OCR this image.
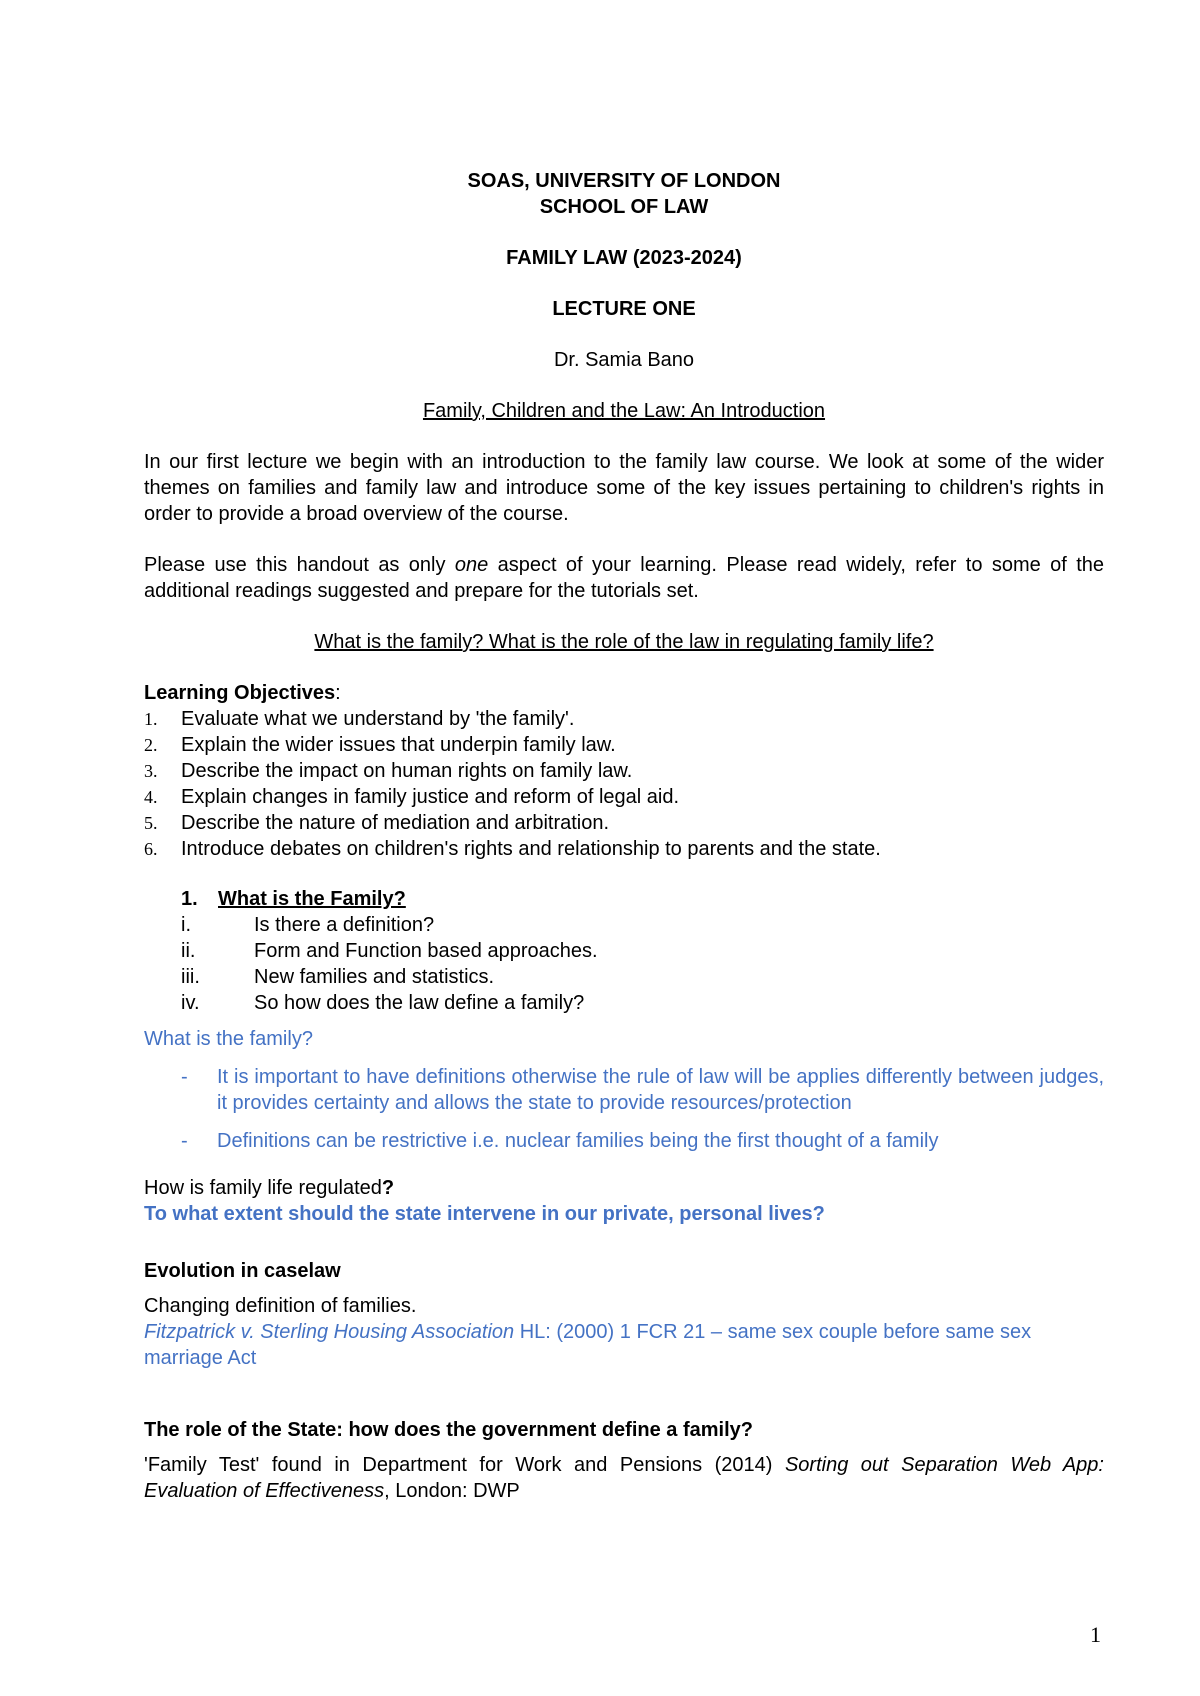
SOAS, UNIVERSITY OF LONDON

SCHOOL OF LAW

FAMILY LAW (2023-2024)

LECTURE ONE

Dr. Samia Bano

Family, Children and the Law: An Introduction

In our first lecture we begin with an introduction to the family law course. We look at some of the wider themes on families and family law and introduce some of the key issues pertaining to children's rights in order to provide a broad overview of the course.

Please use this handout as only one aspect of your learning. Please read widely, refer to some of the additional readings suggested and prepare for the tutorials set.

What is the family? What is the role of the law in regulating family life?

Learning Objectives:

1.	Evaluate what we understand by 'the family'.
2.	Explain the wider issues that underpin family law.
3.	Describe the impact on human rights on family law.
4.	Explain changes in family justice and reform of legal aid.
5.	Describe the nature of mediation and arbitration.
6.	Introduce debates on children's rights and relationship to parents and the state.
1.	What is the Family?
i.	Is there a definition?
ii.	Form and Function based approaches.
iii.	New families and statistics.
iv.	So how does the law define a family?

What is the family?

-	It is important to have definitions otherwise the rule of law will be applies differently between judges, it provides certainty and allows the state to provide resources/protection
-	Definitions can be restrictive i.e. nuclear families being the first thought of a family

How is family life regulated?

To what extent should the state intervene in our private, personal lives?

Evolution in caselaw

Changing definition of families.

Fitzpatrick v. Sterling Housing Association HL: (2000) 1 FCR 21 – same sex couple before same sex marriage Act

The role of the State: how does the government define a family?

'Family Test' found in Department for Work and Pensions (2014) Sorting out Separation Web App: Evaluation of Effectiveness, London: DWP

1
